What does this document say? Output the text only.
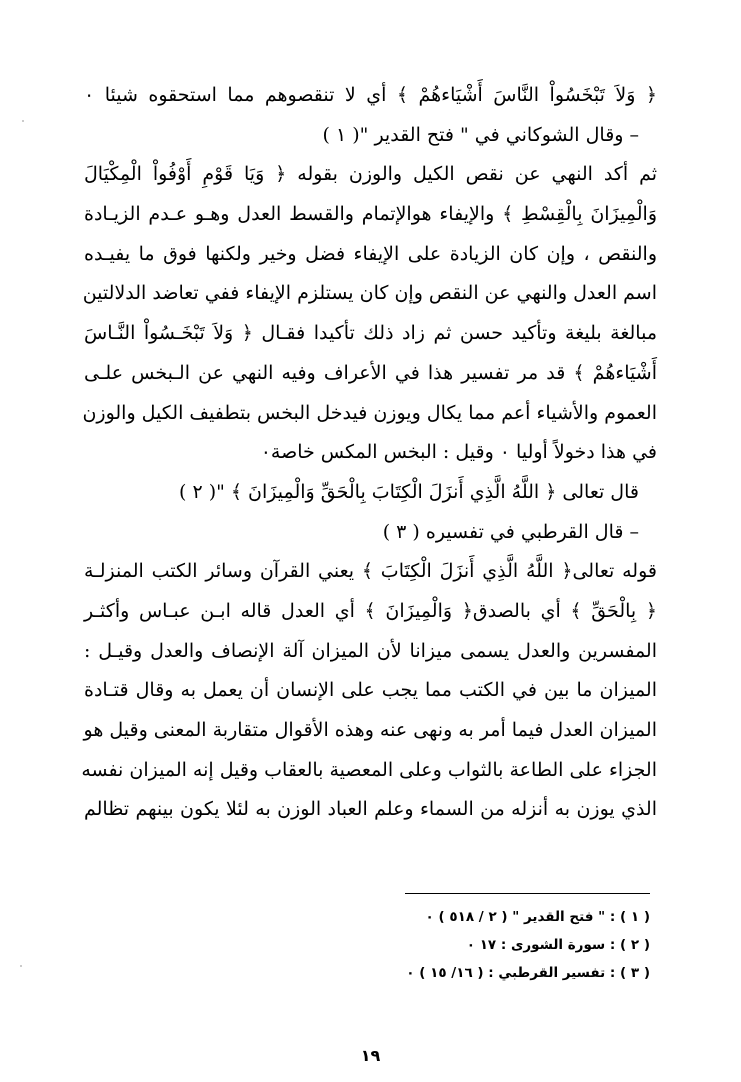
﴿ وَلاَ تَبْخَسُواْ النَّاسَ أَشْيَاءهُمْ ﴾ أي لا تنقصوهم مما استحقوه شيئا ٠
– وقال الشوكاني في " فتح القدير "( ١ )
ثم أكد النهي عن نقص الكيل والوزن بقوله ﴿ وَيَا قَوْمِ أَوْفُواْ الْمِكْيَالَ
وَالْمِيزَانَ بِالْقِسْطِ ﴾ والإيفاء هوالإتمام والقسط العدل وهـو عـدم الزيـادة
والنقص ، وإن كان الزيادة على الإيفاء فضل وخير ولكنها فوق ما يفيـده
اسم العدل والنهي عن النقص وإن كان يستلزم الإيفاء ففي تعاضد الدلالتين
مبالغة بليغة وتأكيد حسن ثم زاد ذلك تأكيدا فقـال ﴿ وَلاَ تَبْخَـسُواْ النَّـاسَ
أَشْيَاءهُمْ ﴾ قد مر تفسير هذا في الأعراف وفيه النهي عن الـبخس علـى
العموم والأشياء أعم مما يكال ويوزن فيدخل البخس بتطفيف الكيل والوزن
في هذا دخولاً أوليا ٠ وقيل : البخس المكس خاصة٠
قال تعالى ﴿ اللَّهُ الَّذِي أَنزَلَ الْكِتَابَ بِالْحَقِّ وَالْمِيزَانَ ﴾ "( ٢ )
– قال القرطبي في تفسيره ( ٣ )
قوله تعالى﴿ اللَّهُ الَّذِي أَنزَلَ الْكِتَابَ ﴾ يعني القرآن وسائر الكتب المنزلـة
﴿ بِالْحَقِّ ﴾ أي بالصدق﴿ وَالْمِيزَانَ ﴾ أي العدل قاله ابـن عبـاس وأكثـر
المفسرين والعدل يسمى ميزانا لأن الميزان آلة الإنصاف والعدل وقيـل :
الميزان ما بين في الكتب مما يجب على الإنسان أن يعمل به وقال قتـادة
الميزان العدل فيما أمر به ونهى عنه وهذه الأقوال متقاربة المعنى وقيل هو
الجزاء على الطاعة بالثواب وعلى المعصية بالعقاب وقيل إنه الميزان نفسه
الذي يوزن به أنزله من السماء وعلم العباد الوزن به لئلا يكون بينهم تظالم
( ١ ) : " فتح القدير " ( ٢ / ٥١٨ ) ٠
( ٢ ) : سورة الشورى : ١٧ ٠
( ٣ ) : تفسير القرطبي : ( ١٦/ ١٥ ) ٠
١٩
